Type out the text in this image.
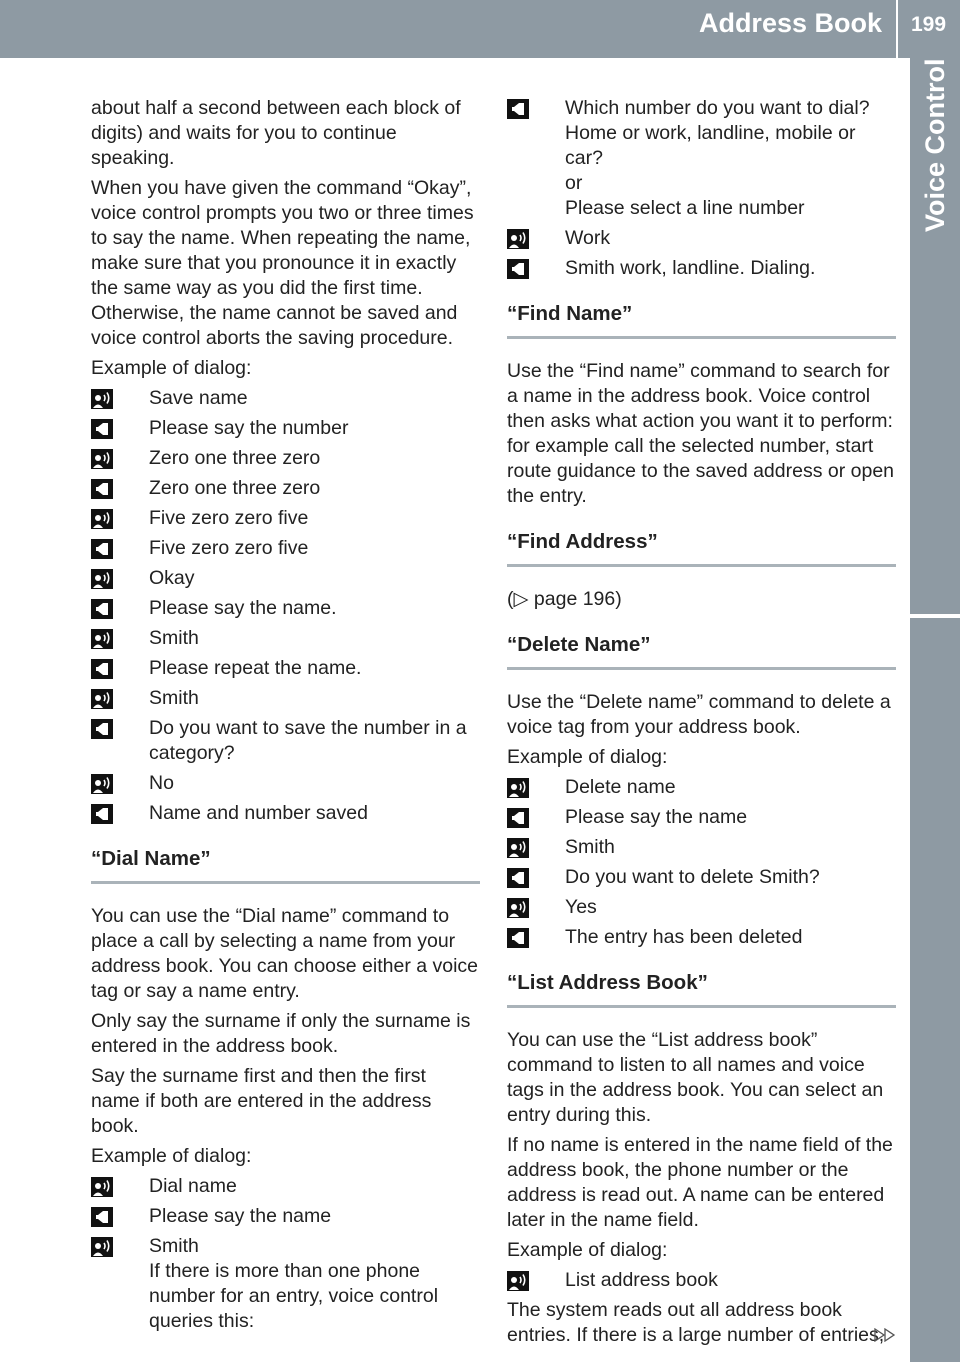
Address Book 199
Voice Control

about half a second between each block of digits) and waits for you to continue speaking.

When you have given the command “Okay”, voice control prompts you two or three times to say the name. When repeating the name, make sure that you pronounce it in exactly the same way as you did the first time. Otherwise, the name cannot be saved and voice control aborts the saving procedure.

Example of dialog:

Save name
Please say the number
Zero one three zero
Zero one three zero
Five zero zero five
Five zero zero five
Okay
Please say the name.
Smith
Please repeat the name.
Smith
Do you want to save the number in a category?
No
Name and number saved
“Dial Name”

You can use the “Dial name” command to place a call by selecting a name from your address book. You can choose either a voice tag or say a name entry.

Only say the surname if only the surname is entered in the address book.

Say the surname first and then the first name if both are entered in the address book.

Example of dialog:

Dial name
Please say the name
Smith
If there is more than one phone number for an entry, voice control queries this:
Which number do you want to dial? Home or work, landline, mobile or car?
or
Please select a line number
Work
Smith work, landline. Dialing.
“Find Name”

Use the “Find name” command to search for a name in the address book. Voice control then asks what action you want it to perform: for example call the selected number, start route guidance to the saved address or open the entry.

“Find Address”

(▷ page 196)

“Delete Name”

Use the “Delete name” command to delete a voice tag from your address book.

Example of dialog:

Delete name
Please say the name
Smith
Do you want to delete Smith?
Yes
The entry has been deleted
“List Address Book”

You can use the “List address book” command to listen to all names and voice tags in the address book. You can select an entry during this.

If no name is entered in the name field of the address book, the phone number or the address is read out. A name can be entered later in the name field.

Example of dialog:

List address book

The system reads out all address book entries. If there is a large number of entries,
